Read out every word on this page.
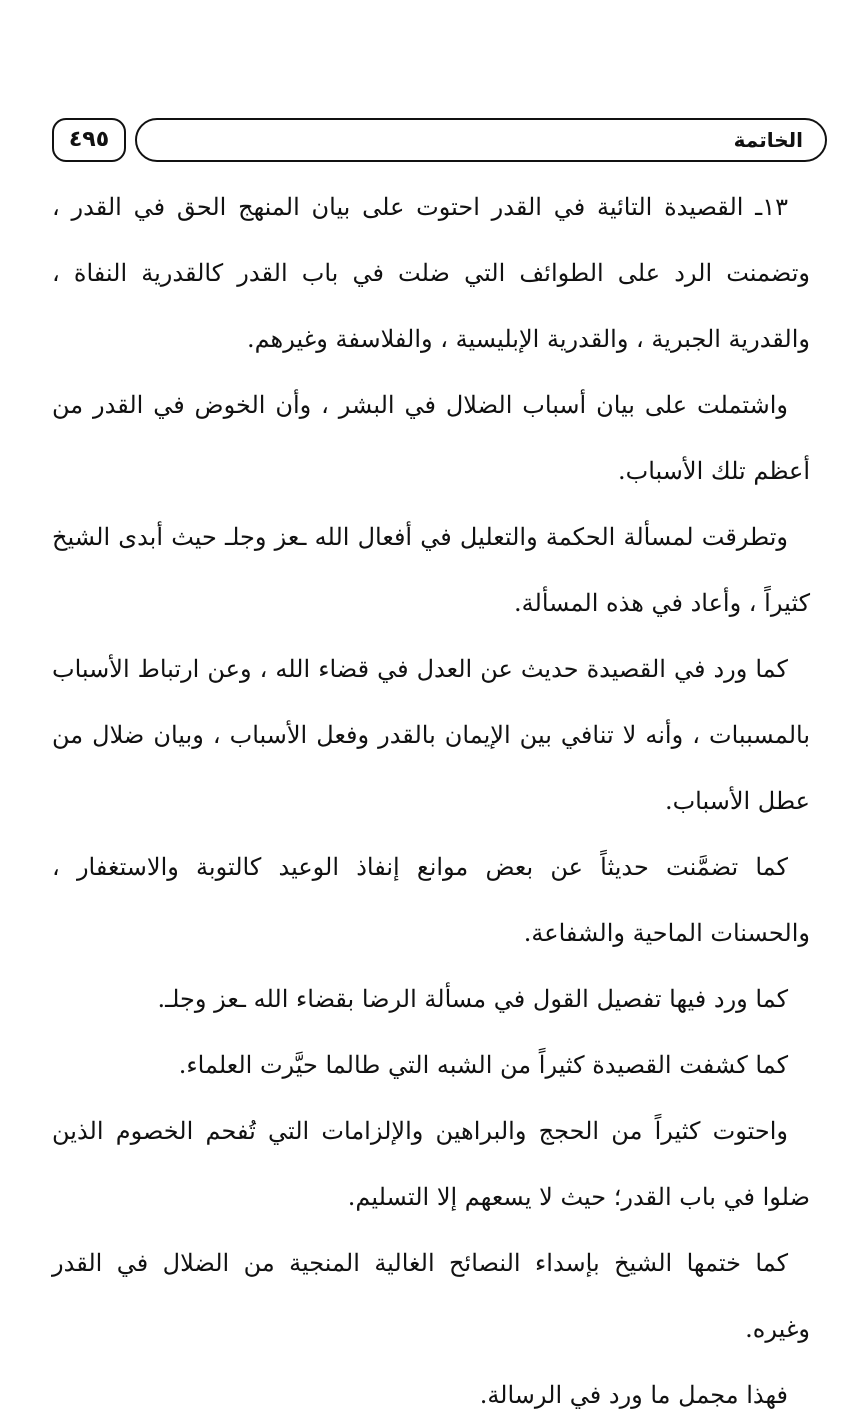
الخاتمة
٤٩٥

١٣ـ القصيدة التائية في القدر احتوت على بيان المنهج الحق في القدر ، وتضمنت الرد على الطوائف التي ضلت في باب القدر كالقدرية النفاة ، والقدرية الجبرية ، والقدرية الإبليسية ، والفلاسفة وغيرهم.

واشتملت على بيان أسباب الضلال في البشر ، وأن الخوض في القدر من أعظم تلك الأسباب.

وتطرقت لمسألة الحكمة والتعليل في أفعال الله ـعز وجلـ حيث أبدى الشيخ كثيراً ، وأعاد في هذه المسألة.

كما ورد في القصيدة حديث عن العدل في قضاء الله ، وعن ارتباط الأسباب بالمسببات ، وأنه لا تنافي بين الإيمان بالقدر وفعل الأسباب ، وبيان ضلال من عطل الأسباب.

كما تضمَّنت حديثاً عن بعض موانع إنفاذ الوعيد كالتوبة والاستغفار ، والحسنات الماحية والشفاعة.

كما ورد فيها تفصيل القول في مسألة الرضا بقضاء الله ـعز وجلـ.

كما كشفت القصيدة كثيراً من الشبه التي طالما حيَّرت العلماء.

واحتوت كثيراً من الحجج والبراهين والإلزامات التي تُفحم الخصوم الذين ضلوا في باب القدر؛ حيث لا يسعهم إلا التسليم.

كما ختمها الشيخ بإسداء النصائح الغالية المنجية من الضلال في القدر وغيره.

فهذا مجمل ما ورد في الرسالة.
